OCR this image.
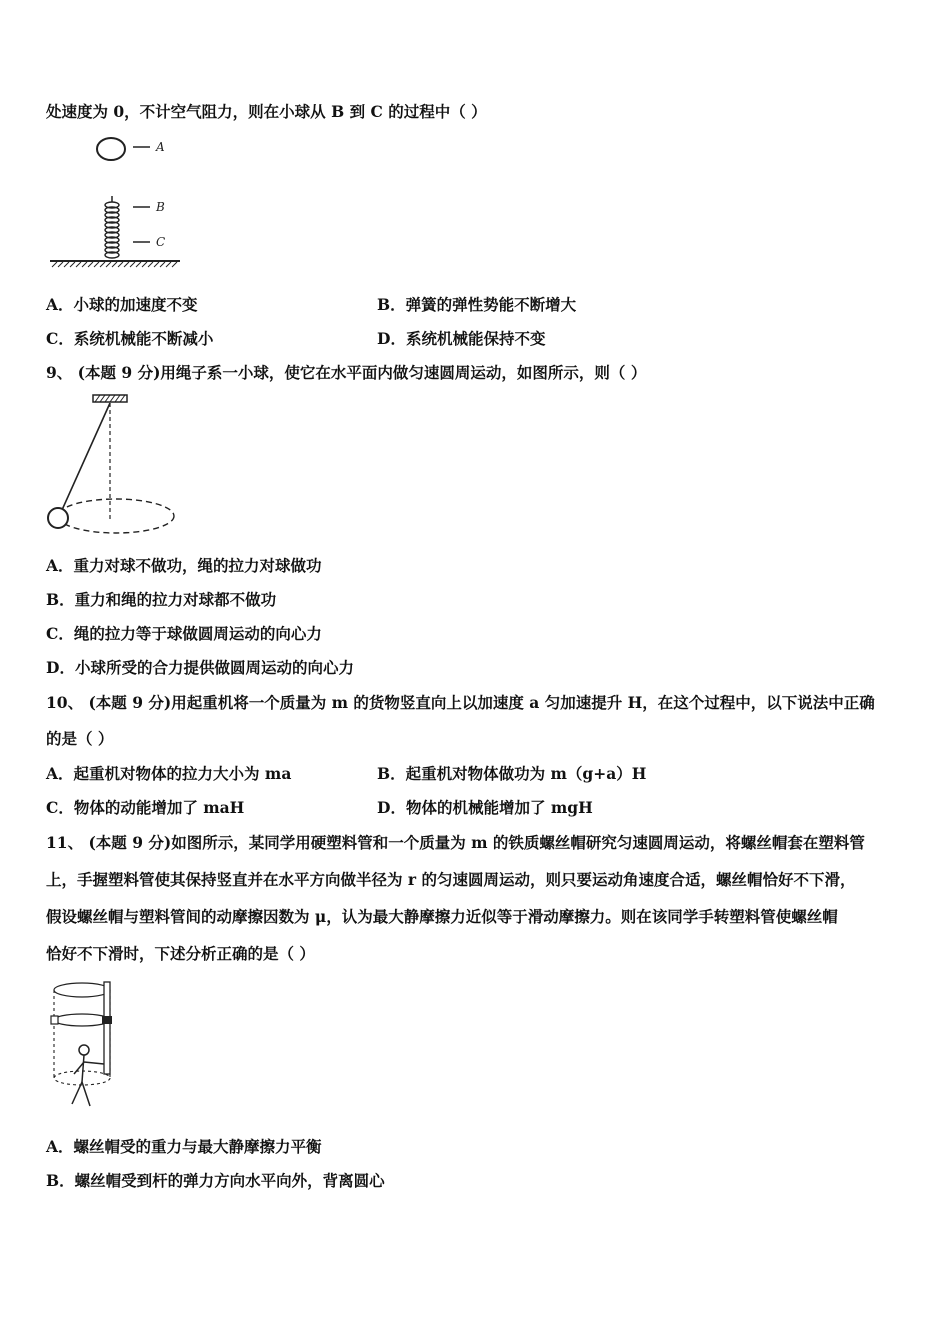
处速度为 0，不计空气阻力，则在小球从 B 到 C 的过程中（ ）
A
B
C
A．小球的加速度不变	B．弹簧的弹性势能不断增大
C．系统机械能不断减小	D．系统机械能保持不变
9、 (本题 9 分)用绳子系一小球，使它在水平面内做匀速圆周运动，如图所示，则（ ）
A．重力对球不做功，绳的拉力对球做功
B．重力和绳的拉力对球都不做功
C．绳的拉力等于球做圆周运动的向心力
D．小球所受的合力提供做圆周运动的向心力
10、 (本题 9 分)用起重机将一个质量为 m 的货物竖直向上以加速度 a 匀加速提升 H，在这个过程中，以下说法中正确
的是（ ）
A．起重机对物体的拉力大小为 ma	B．起重机对物体做功为 m（g+a）H
C．物体的动能增加了 maH	D．物体的机械能增加了 mgH
11、 (本题 9 分)如图所示，某同学用硬塑料管和一个质量为 m 的铁质螺丝帽研究匀速圆周运动，将螺丝帽套在塑料管
上，手握塑料管使其保持竖直并在水平方向做半径为 r 的匀速圆周运动，则只要运动角速度合适，螺丝帽恰好不下滑，
假设螺丝帽与塑料管间的动摩擦因数为 μ，认为最大静摩擦力近似等于滑动摩擦力。则在该同学手转塑料管使螺丝帽
恰好不下滑时，下述分析正确的是（ ）
A．螺丝帽受的重力与最大静摩擦力平衡
B．螺丝帽受到杆的弹力方向水平向外，背离圆心
